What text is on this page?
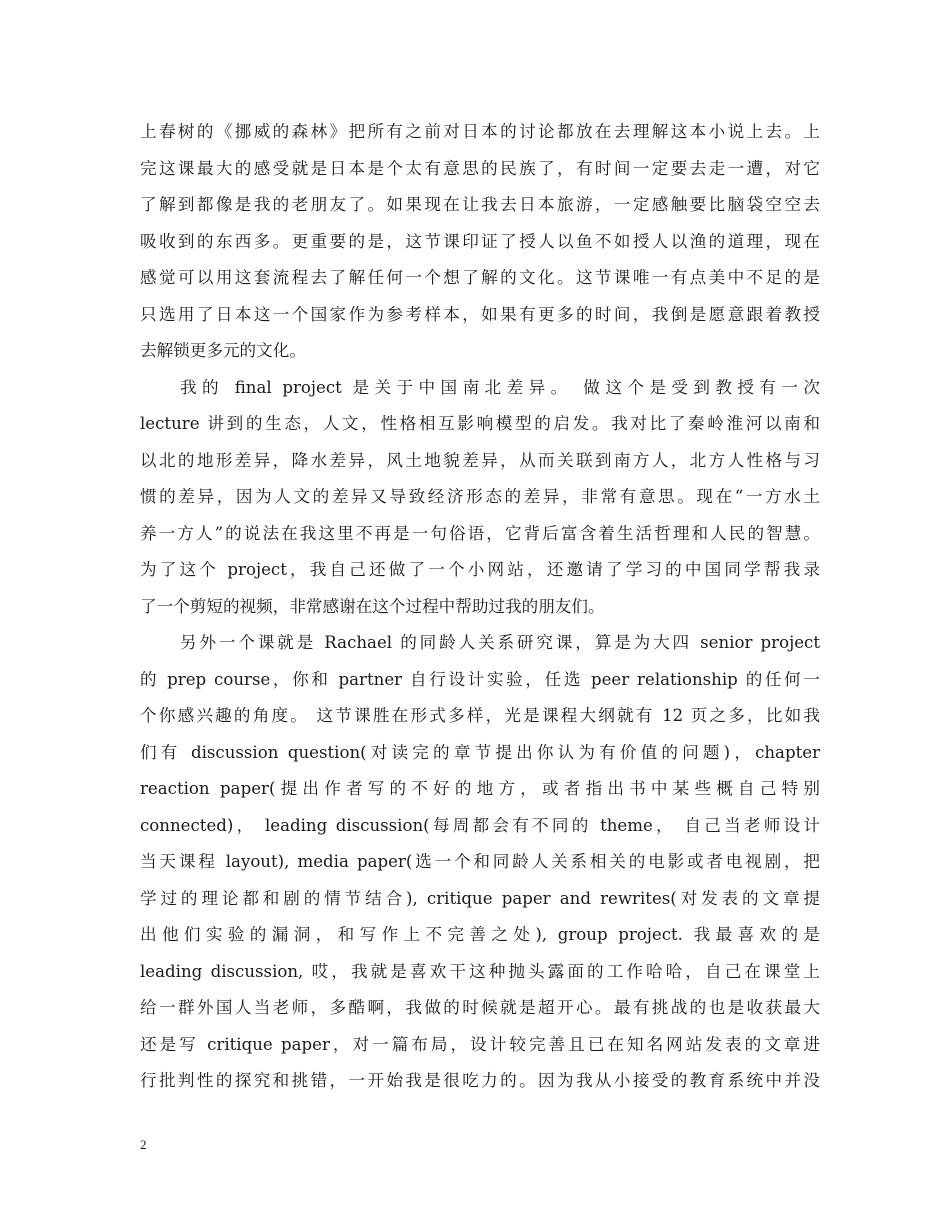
上春树的《挪威的森林》把所有之前对日本的讨论都放在去理解这本小说上去。上
完这课最大的感受就是日本是个太有意思的民族了，有时间一定要去走一遭，对它
了解到都像是我的老朋友了。如果现在让我去日本旅游，一定感触要比脑袋空空去
吸收到的东西多。更重要的是，这节课印证了授人以鱼不如授人以渔的道理，现在
感觉可以用这套流程去了解任何一个想了解的文化。这节课唯一有点美中不足的是
只选用了日本这一个国家作为参考样本，如果有更多的时间，我倒是愿意跟着教授
去解锁更多元的文化。
我的 final project 是关于中国南北差异。 做这个是受到教授有一次
lecture 讲到的生态，人文，性格相互影响模型的启发。我对比了秦岭淮河以南和
以北的地形差异，降水差异，风土地貌差异，从而关联到南方人，北方人性格与习
惯的差异，因为人文的差异又导致经济形态的差异，非常有意思。现在“一方水土
养一方人”的说法在我这里不再是一句俗语，它背后富含着生活哲理和人民的智慧。
为了这个 project，我自己还做了一个小网站，还邀请了学习的中国同学帮我录
了一个剪短的视频，非常感谢在这个过程中帮助过我的朋友们。
另外一个课就是 Rachael 的同龄人关系研究课，算是为大四 senior project
的 prep course，你和 partner 自行设计实验，任选 peer relationship 的任何一
个你感兴趣的角度。 这节课胜在形式多样，光是课程大纲就有 12 页之多，比如我
们有 discussion question(对读完的章节提出你认为有价值的问题)，chapter
reaction paper(提出作者写的不好的地方，或者指出书中某些概自己特别
connected)， leading discussion(每周都会有不同的 theme， 自己当老师设计
当天课程 layout), media paper(选一个和同龄人关系相关的电影或者电视剧，把
学过的理论都和剧的情节结合), critique paper and rewrites(对发表的文章提
出他们实验的漏洞，和写作上不完善之处), group project. 我最喜欢的是
leading discussion, 哎，我就是喜欢干这种抛头露面的工作哈哈，自己在课堂上
给一群外国人当老师，多酷啊，我做的时候就是超开心。最有挑战的也是收获最大
还是写 critique paper，对一篇布局，设计较完善且已在知名网站发表的文章进
行批判性的探究和挑错，一开始我是很吃力的。因为我从小接受的教育系统中并没
2
